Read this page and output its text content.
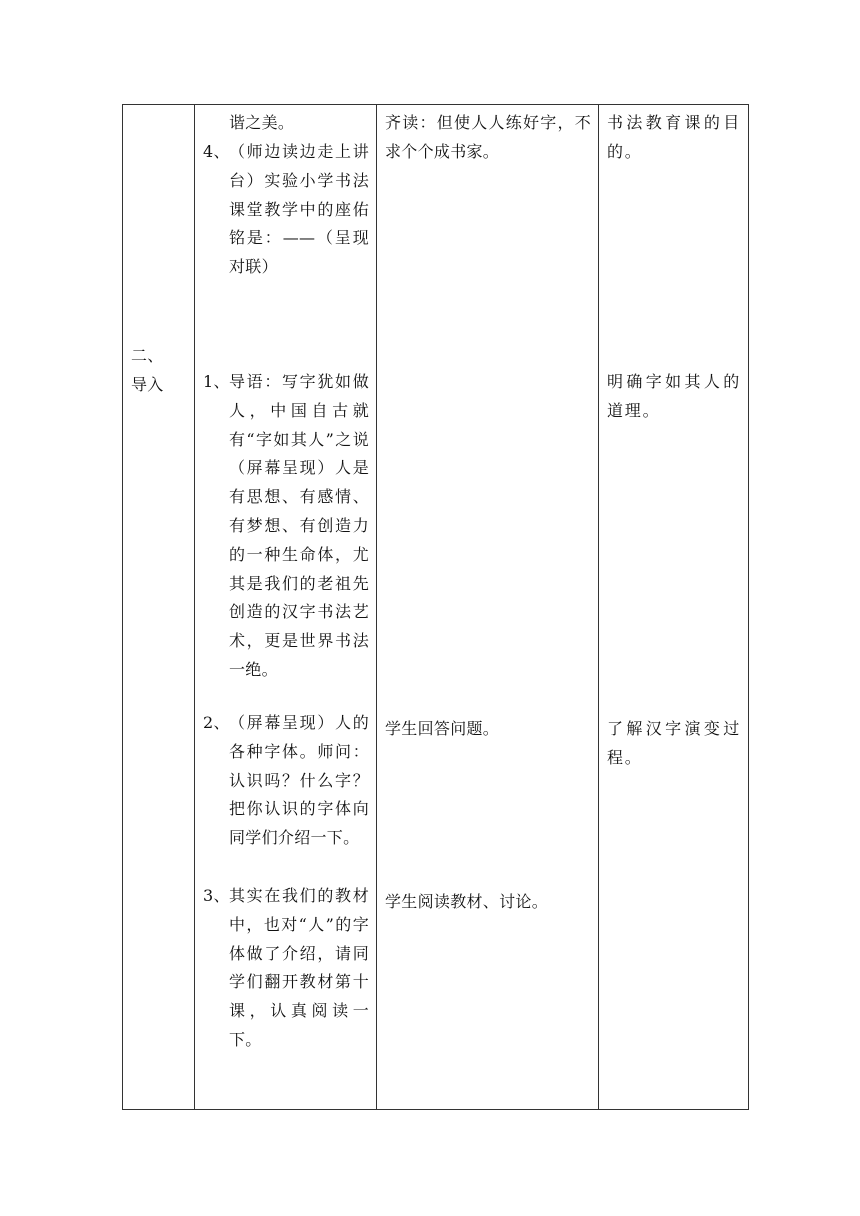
二、
导入

谐之美。
4、 （师边读边走上讲台）实验小学书法课堂教学中的座佑铭是：——（呈现对联）
1、 导语：写字犹如做人，中国自古就有“字如其人”之说（屏幕呈现）人是有思想、有感情、有梦想、有创造力的一种生命体，尤其是我们的老祖先创造的汉字书法艺术，更是世界书法一绝。
2、 （屏幕呈现）人的各种字体。师问：认识吗？什么字？把你认识的字体向同学们介绍一下。
3、 其实在我们的教材中，也对“人”的字体做了介绍，请同学们翻开教材第十课，认真阅读一下。

齐读：但使人人练好字，不求个个成书家。
学生回答问题。
学生阅读教材、讨论。

书法教育课的目的。
明确字如其人的道理。
了解汉字演变过程。
